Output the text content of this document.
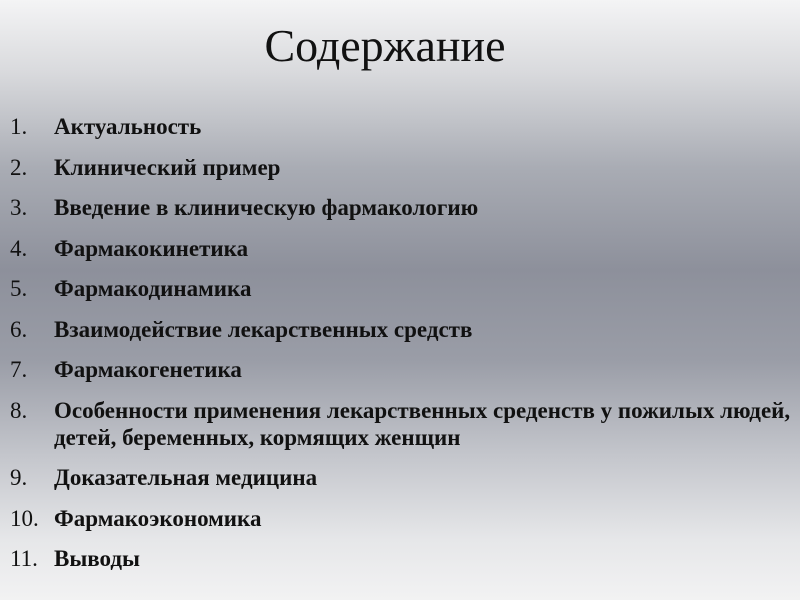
Содержание
1.	Актуальность
2.	Клинический пример
3.	Введение в клиническую фармакологию
4.	Фармакокинетика
5.	Фармакодинамика
6.	Взаимодействие лекарственных средств
7.	Фармакогенетика
8.	Особенности применения лекарственных среденств у пожилых людей, детей, беременных, кормящих женщин
9.	Доказательная медицина
10. Фармакоэкономика
11. Выводы
